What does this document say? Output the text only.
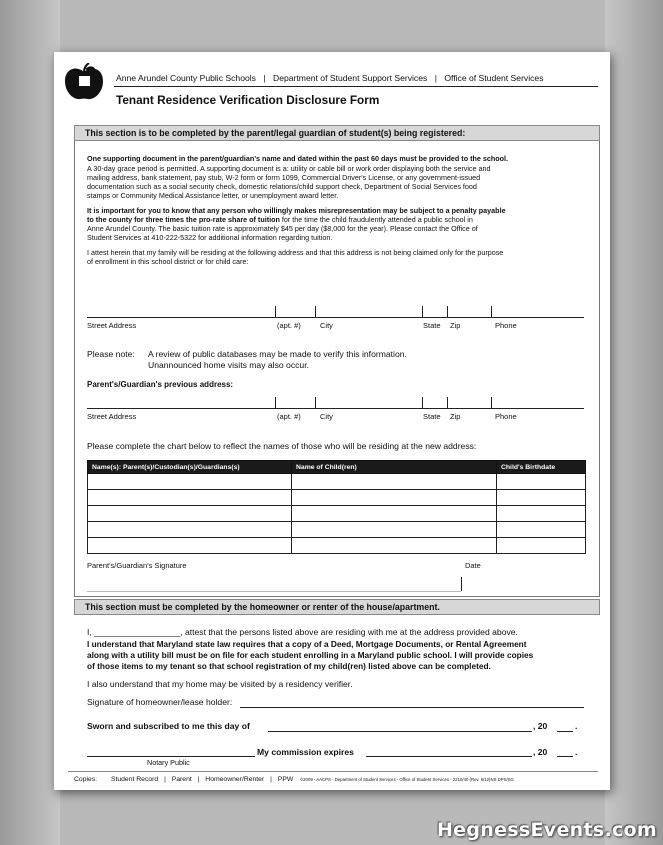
Anne Arundel County Public Schools | Department of Student Support Services | Office of Student Services
Tenant Residence Verification Disclosure Form
This section is to be completed by the parent/legal guardian of student(s) being registered:
One supporting document in the parent/guardian's name and dated within the past 60 days must be provided to the school.
A 30-day grace period is permitted. A supporting document is a: utility or cable bill or work order displaying both the service and
mailing address, bank statement, pay stub, W-2 form or form 1099, Commercial Driver's License, or any government-issued
documentation such as a social security check, domestic relations/child support check, Department of Social Services food
stamps or Community Medical Assistance letter, or unemployment award letter.
It is important for you to know that any person who willingly makes misrepresentation may be subject to a penalty payable
to the county for three times the pro-rate share of tuition for the time the child fraudulently attended a public school in
Anne Arundel County. The basic tuition rate is approximately $45 per day ($8,000 for the year). Please contact the Office of
Student Services at 410-222-5322 for additional information regarding tuition.
I attest herein that my family will be residing at the following address and that this address is not being claimed only for the purpose
of enrollment in this school district or for child care:
Street Address	(apt. #)	City	State Zip	Phone
Please note: A review of public databases may be made to verify this information.
Unannounced home visits may also occur.
Parent's/Guardian's previous address:
Street Address	(apt. #)	City	State Zip	Phone
Please complete the chart below to reflect the names of those who will be residing at the new address:
Name(s): Parent(s)/Custodian(s)/Guardians(s)	Name of Child(ren)	Child's Birthdate

Parent's/Guardian's Signature	Date
This section must be completed by the homeowner or renter of the house/apartment.
I, __________________, attest that the persons listed above are residing with me at the address provided above.
I understand that Maryland state law requires that a copy of a Deed, Mortgage Documents, or Rental Agreement
along with a utility bill must be on file for each student enrolling in a Maryland public school. I will provide copies
of those items to my tenant so that school registration of my child(ren) listed above can be completed.
I also understand that my home may be visited by a residency verifier.
Signature of homeowner/lease holder:
Sworn and subscribed to me this day of	, 20	.
Notary Public
My commission expires	, 20	.
Copies: Student Record | Parent | Homeowner/Renter | PPW ©2009 - AACPS - Department of Student Services - Office of Student Services - 2210/40 (Rev. 6/12)NS DPS/SG
HegnessEvents.com
